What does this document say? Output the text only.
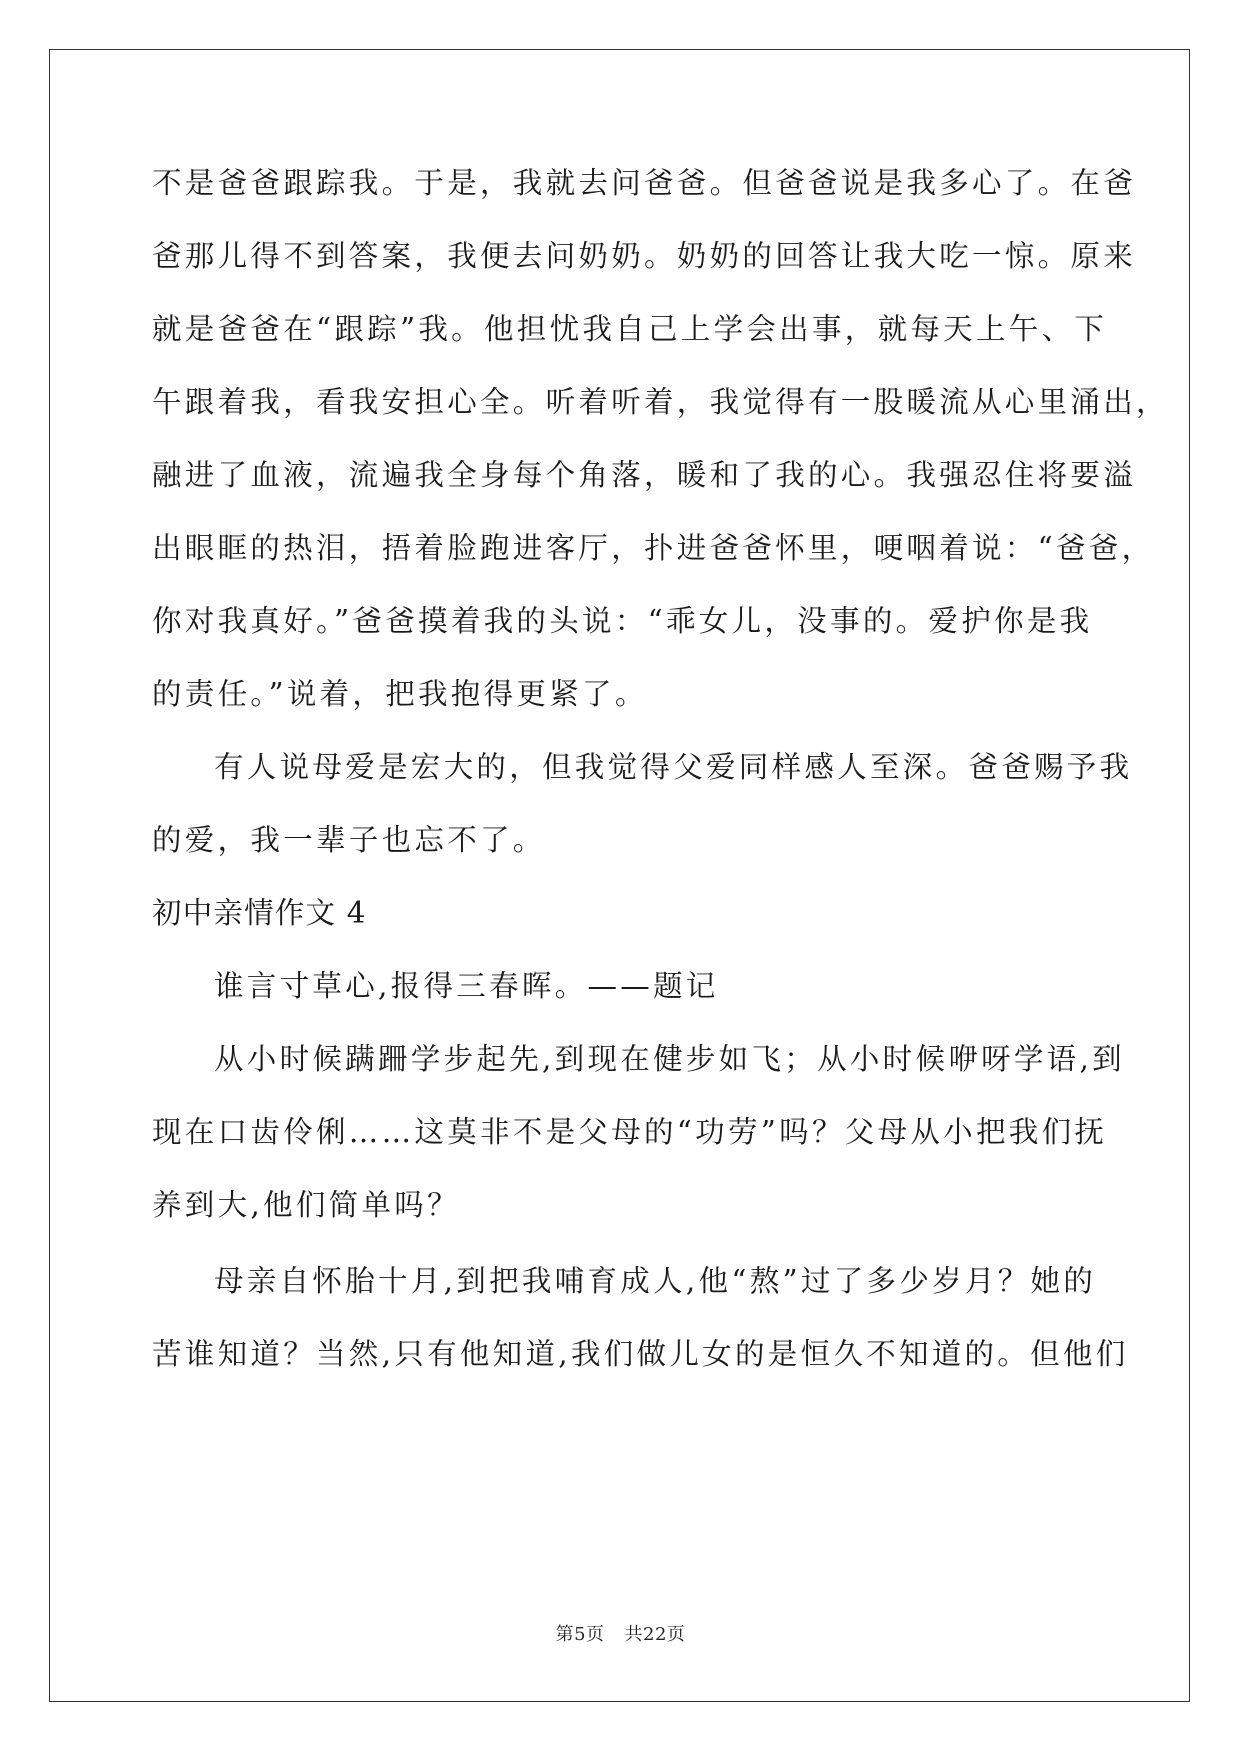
不是爸爸跟踪我。于是，我就去问爸爸。但爸爸说是我多心了。在爸
爸那儿得不到答案，我便去问奶奶。奶奶的回答让我大吃一惊。原来
就是爸爸在“跟踪”我。他担忧我自己上学会出事，就每天上午、下
午跟着我，看我安担心全。听着听着，我觉得有一股暖流从心里涌出，
融进了血液，流遍我全身每个角落，暖和了我的心。我强忍住将要溢
出眼眶的热泪，捂着脸跑进客厅，扑进爸爸怀里，哽咽着说：“爸爸，
你对我真好。”爸爸摸着我的头说：“乖女儿，没事的。爱护你是我
的责任。”说着，把我抱得更紧了。
有人说母爱是宏大的，但我觉得父爱同样感人至深。爸爸赐予我
的爱，我一辈子也忘不了。
初中亲情作文 4
谁言寸草心,报得三春晖。——题记
从小时候蹒跚学步起先,到现在健步如飞；从小时候咿呀学语,到
现在口齿伶俐……这莫非不是父母的“功劳”吗？父母从小把我们抚
养到大,他们简单吗？
母亲自怀胎十月,到把我哺育成人,他“熬”过了多少岁月？她的
苦谁知道？当然,只有他知道,我们做儿女的是恒久不知道的。但他们
第5页 共22页
